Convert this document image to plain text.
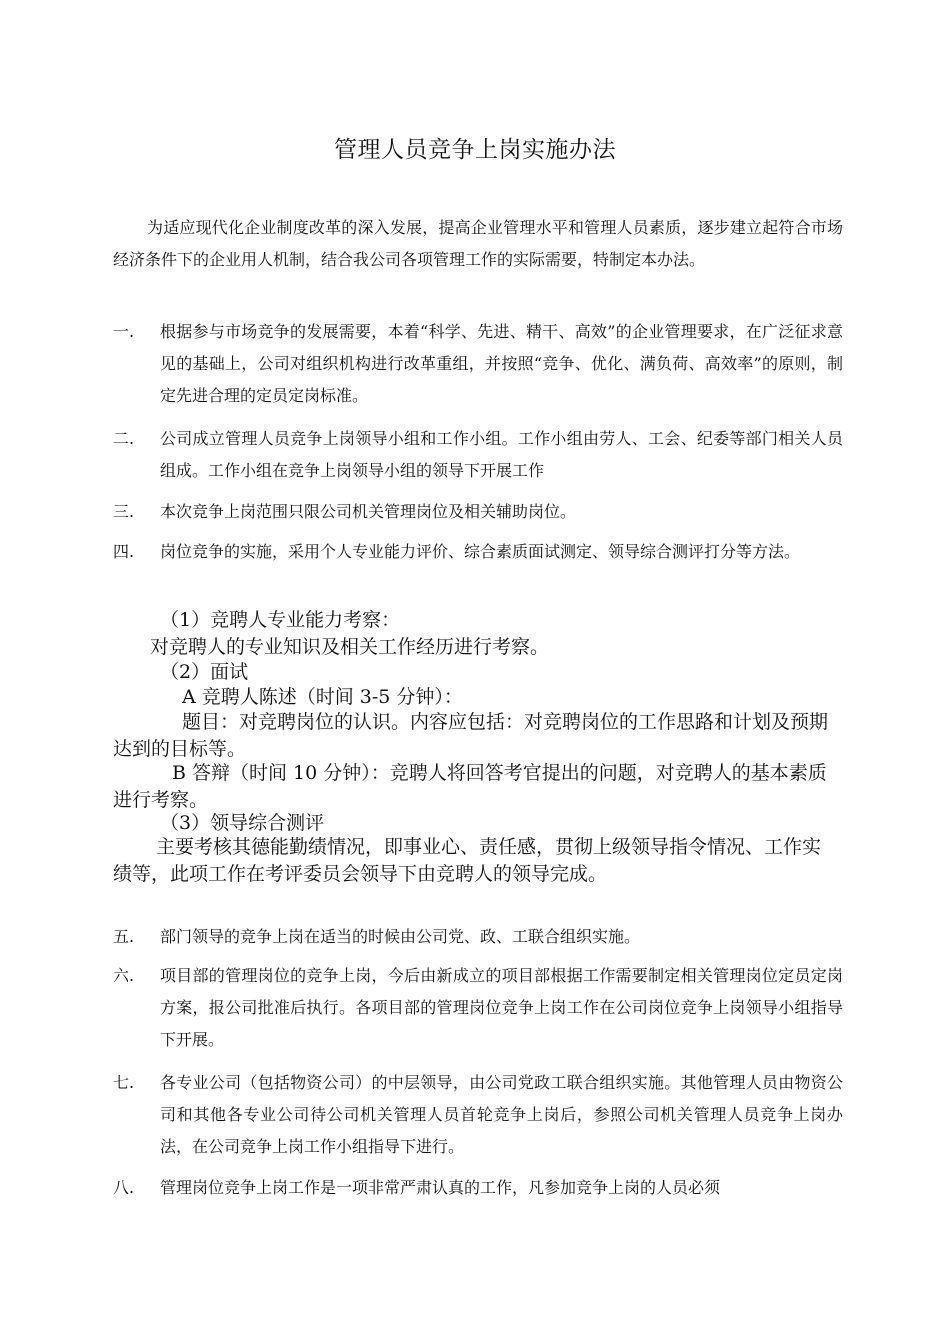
管理人员竞争上岗实施办法
为适应现代化企业制度改革的深入发展，提高企业管理水平和管理人员素质，逐步建立起符合市场经济条件下的企业用人机制，结合我公司各项管理工作的实际需要，特制定本办法。
一. 根据参与市场竞争的发展需要，本着“科学、先进、精干、高效”的企业管理要求，在广泛征求意见的基础上，公司对组织机构进行改革重组，并按照“竞争、优化、满负荷、高效率”的原则，制定先进合理的定员定岗标准。
二. 公司成立管理人员竞争上岗领导小组和工作小组。工作小组由劳人、工会、纪委等部门相关人员组成。工作小组在竞争上岗领导小组的领导下开展工作
三. 本次竞争上岗范围只限公司机关管理岗位及相关辅助岗位。
四. 岗位竞争的实施，采用个人专业能力评价、综合素质面试测定、领导综合测评打分等方法。
（1）竞聘人专业能力考察：
对竞聘人的专业知识及相关工作经历进行考察。
（2）面试
A 竞聘人陈述（时间 3-5 分钟）：
题目：对竞聘岗位的认识。内容应包括：对竞聘岗位的工作思路和计划及预期达到的目标等。
B 答辩（时间 10 分钟）：竞聘人将回答考官提出的问题，对竞聘人的基本素质进行考察。
（3）领导综合测评
主要考核其德能勤绩情况，即事业心、责任感，贯彻上级领导指令情况、工作实绩等，此项工作在考评委员会领导下由竞聘人的领导完成。
五. 部门领导的竞争上岗在适当的时候由公司党、政、工联合组织实施。
六. 项目部的管理岗位的竞争上岗，今后由新成立的项目部根据工作需要制定相关管理岗位定员定岗方案，报公司批准后执行。各项目部的管理岗位竞争上岗工作在公司岗位竞争上岗领导小组指导下开展。
七. 各专业公司（包括物资公司）的中层领导，由公司党政工联合组织实施。其他管理人员由物资公司和其他各专业公司待公司机关管理人员首轮竞争上岗后，参照公司机关管理人员竞争上岗办法，在公司竞争上岗工作小组指导下进行。
八. 管理岗位竞争上岗工作是一项非常严肃认真的工作，凡参加竞争上岗的人员必须
